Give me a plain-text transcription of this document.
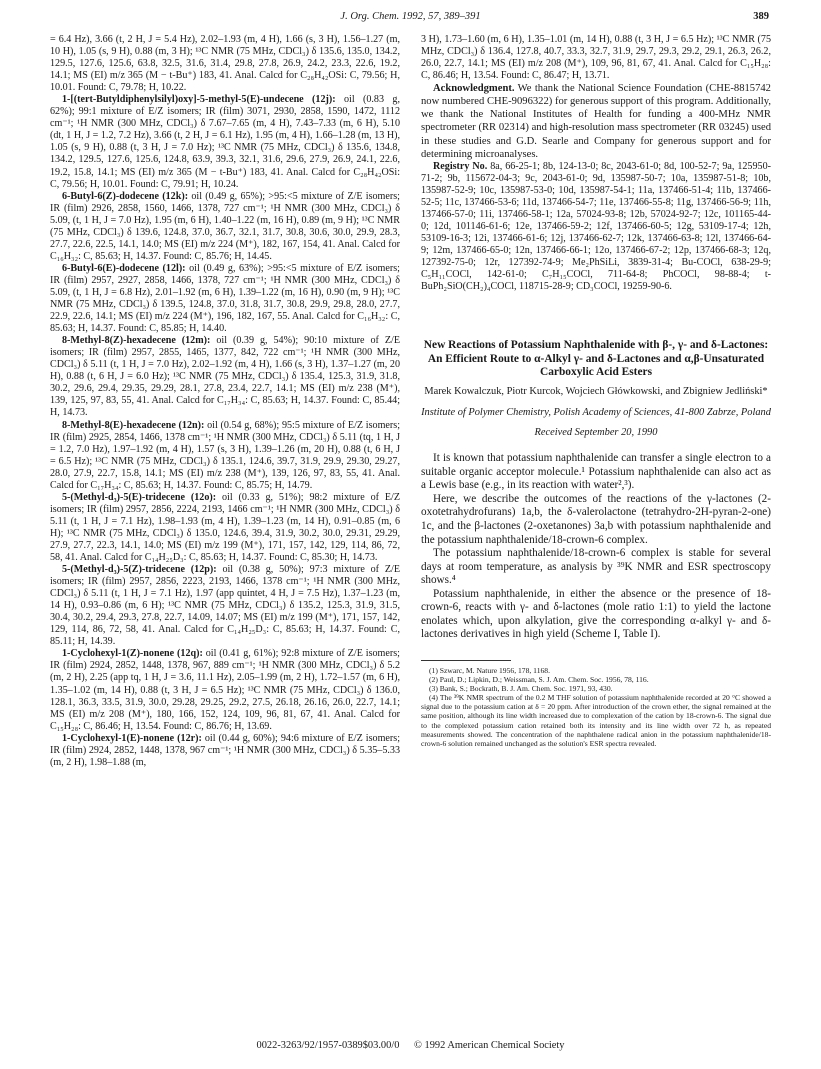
J. Org. Chem. 1992, 57, 389–391	389

= 6.4 Hz), 3.66 (t, 2 H, J = 5.4 Hz), 2.02–1.93 (m, 4 H), 1.66 (s, 3 H), 1.56–1.27 (m, 10 H), 1.05 (s, 9 H), 0.88 (m, 3 H); ¹³C NMR (75 MHz, CDCl₃) δ 135.6, 135.0, 134.2, 129.5, 127.6, 125.6, 63.8, 32.5, 31.6, 31.4, 29.8, 27.8, 26.9, 24.2, 23.3, 22.6, 19.2, 14.1; MS (EI) m/z 365 (M − t-Bu⁺) 183, 41. Anal. Calcd for C₂₈H₄₂OSi: C, 79.56; H, 10.01. Found: C, 79.78; H, 10.22.

1-[(tert-Butyldiphenylsilyl)oxy]-5-methyl-5(E)-undecene (12j): oil (0.83 g, 62%); 99:1 mixture of E/Z isomers; IR (film) 3071, 2930, 2858, 1590, 1472, 1112 cm⁻¹; ¹H NMR (300 MHz, CDCl₃) δ 7.67–7.65 (m, 4 H), 7.43–7.33 (m, 6 H), 5.10 (dt, 1 H, J = 1.2, 7.2 Hz), 3.66 (t, 2 H, J = 6.1 Hz), 1.95 (m, 4 H), 1.66–1.28 (m, 13 H), 1.05 (s, 9 H), 0.88 (t, 3 H, J = 7.0 Hz); ¹³C NMR (75 MHz, CDCl₃) δ 135.6, 134.8, 134.2, 129.5, 127.6, 125.6, 124.8, 63.9, 39.3, 32.1, 31.6, 29.6, 27.9, 26.9, 24.1, 22.6, 19.2, 15.8, 14.1; MS (EI) m/z 365 (M − t-Bu⁺) 183, 41. Anal. Calcd for C₂₈H₄₂OSi: C, 79.56; H, 10.01. Found: C, 79.91; H, 10.24.

6-Butyl-6(Z)-dodecene (12k): oil (0.49 g, 65%); >95:<5 mixture of Z/E isomers; IR (film) 2926, 2858, 1560, 1466, 1378, 727 cm⁻¹; ¹H NMR (300 MHz, CDCl₃) δ 5.09, (t, 1 H, J = 7.0 Hz), 1.95 (m, 6 H), 1.40–1.22 (m, 16 H), 0.89 (m, 9 H); ¹³C NMR (75 MHz, CDCl₃) δ 139.6, 124.8, 37.0, 36.7, 32.1, 31.7, 30.8, 30.6, 30.0, 29.9, 28.3, 27.7, 22.6, 22.5, 14.1, 14.0; MS (EI) m/z 224 (M⁺), 182, 167, 154, 41. Anal. Calcd for C₁₆H₃₂: C, 85.63; H, 14.37. Found: C, 85.76; H, 14.45.

6-Butyl-6(E)-dodecene (12l): oil (0.49 g, 63%); >95:<5 mixture of E/Z isomers; IR (film) 2957, 2927, 2858, 1466, 1378, 727 cm⁻¹; ¹H NMR (300 MHz, CDCl₃) δ 5.09, (t, 1 H, J = 6.8 Hz), 2.01–1.92 (m, 6 H), 1.39–1.22 (m, 16 H), 0.90 (m, 9 H); ¹³C NMR (75 MHz, CDCl₃) δ 139.5, 124.8, 37.0, 31.8, 31.7, 30.8, 29.9, 29.8, 28.0, 27.7, 22.9, 22.6, 14.1; MS (EI) m/z 224 (M⁺), 196, 182, 167, 55. Anal. Calcd for C₁₆H₃₂: C, 85.63; H, 14.37. Found: C, 85.85; H, 14.40.

8-Methyl-8(Z)-hexadecene (12m): oil (0.39 g, 54%); 90:10 mixture of Z/E isomers; IR (film) 2957, 2855, 1465, 1377, 842, 722 cm⁻¹; ¹H NMR (300 MHz, CDCl₃) δ 5.11 (t, 1 H, J = 7.0 Hz), 2.02–1.92 (m, 4 H), 1.66 (s, 3 H), 1.37–1.27 (m, 20 H), 0.88 (t, 6 H, J = 6.0 Hz); ¹³C NMR (75 MHz, CDCl₃) δ 135.4, 125.3, 31.9, 31.8, 30.2, 29.6, 29.4, 29.35, 29.29, 28.1, 27.8, 23.4, 22.7, 14.1; MS (EI) m/z 238 (M⁺), 139, 125, 97, 83, 55, 41. Anal. Calcd for C₁₇H₃₄: C, 85.63; H, 14.37. Found: C, 85.44; H, 14.73.

8-Methyl-8(E)-hexadecene (12n): oil (0.54 g, 68%); 95:5 mixture of E/Z isomers; IR (film) 2925, 2854, 1466, 1378 cm⁻¹; ¹H NMR (300 MHz, CDCl₃) δ 5.11 (tq, 1 H, J = 1.2, 7.0 Hz), 1.97–1.92 (m, 4 H), 1.57 (s, 3 H), 1.39–1.26 (m, 20 H), 0.88 (t, 6 H, J = 6.5 Hz); ¹³C NMR (75 MHz, CDCl₃) δ 135.1, 124.6, 39.7, 31.9, 29.9, 29.30, 29.27, 28.0, 27.9, 22.7, 15.8, 14.1; MS (EI) m/z 238 (M⁺), 139, 126, 97, 83, 55, 41. Anal. Calcd for C₁₇H₃₄: C, 85.63; H, 14.37. Found: C, 85.75; H, 14.79.

5-(Methyl-d₃)-5(E)-tridecene (12o): oil (0.33 g, 51%); 98:2 mixture of E/Z isomers; IR (film) 2957, 2856, 2224, 2193, 1466 cm⁻¹; ¹H NMR (300 MHz, CDCl₃) δ 5.11 (t, 1 H, J = 7.1 Hz), 1.98–1.93 (m, 4 H), 1.39–1.23 (m, 14 H), 0.91–0.85 (m, 6 H); ¹³C NMR (75 MHz, CDCl₃) δ 135.0, 124.6, 39.4, 31.9, 30.2, 30.0, 29.31, 29.29, 27.9, 27.7, 22.3, 14.1, 14.0; MS (EI) m/z 199 (M⁺), 171, 157, 142, 129, 114, 86, 72, 58, 41. Anal. Calcd for C₁₄H₂₅D₃: C, 85.63; H, 14.37. Found: C, 85.30; H, 14.73.

5-(Methyl-d₃)-5(Z)-tridecene (12p): oil (0.38 g, 50%); 97:3 mixture of Z/E isomers; IR (film) 2957, 2856, 2223, 2193, 1466, 1378 cm⁻¹; ¹H NMR (300 MHz, CDCl₃) δ 5.11 (t, 1 H, J = 7.1 Hz), 1.97 (app quintet, 4 H, J = 7.5 Hz), 1.37–1.23 (m, 14 H), 0.93–0.86 (m, 6 H); ¹³C NMR (75 MHz, CDCl₃) δ 135.2, 125.3, 31.9, 31.5, 30.4, 30.2, 29.4, 29.3, 27.8, 22.7, 14.09, 14.07; MS (EI) m/z 199 (M⁺), 171, 157, 142, 129, 114, 86, 72, 58, 41. Anal. Calcd for C₁₄H₂₅D₃: C, 85.63; H, 14.37. Found: C, 85.11; H, 14.39.

1-Cyclohexyl-1(Z)-nonene (12q): oil (0.41 g, 61%); 92:8 mixture of Z/E isomers; IR (film) 2924, 2852, 1448, 1378, 967, 889 cm⁻¹; ¹H NMR (300 MHz, CDCl₃) δ 5.2 (m, 2 H), 2.25 (app tq, 1 H, J = 3.6, 11.1 Hz), 2.05–1.99 (m, 2 H), 1.72–1.57 (m, 6 H), 1.35–1.02 (m, 14 H), 0.88 (t, 3 H, J = 6.5 Hz); ¹³C NMR (75 MHz, CDCl₃) δ 136.0, 128.1, 36.3, 33.5, 31.9, 30.0, 29.28, 29.25, 29.2, 27.5, 26.18, 26.16, 26.0, 22.7, 14.1; MS (EI) m/z 208 (M⁺), 180, 166, 152, 124, 109, 96, 81, 67, 41. Anal. Calcd for C₁₅H₂₈: C, 86.46; H, 13.54. Found: C, 86.76; H, 13.69.

1-Cyclohexyl-1(E)-nonene (12r): oil (0.44 g, 60%); 94:6 mixture of E/Z isomers; IR (film) 2924, 2852, 1448, 1378, 967 cm⁻¹; ¹H NMR (300 MHz, CDCl₃) δ 5.35–5.33 (m, 2 H), 1.98–1.88 (m,

3 H), 1.73–1.60 (m, 6 H), 1.35–1.01 (m, 14 H), 0.88 (t, 3 H, J = 6.5 Hz); ¹³C NMR (75 MHz, CDCl₃) δ 136.4, 127.8, 40.7, 33.3, 32.7, 31.9, 29.7, 29.3, 29.2, 29.1, 26.3, 26.2, 26.0, 22.7, 14.1; MS (EI) m/z 208 (M⁺), 109, 96, 81, 67, 41. Anal. Calcd for C₁₅H₂₈: C, 86.46; H, 13.54. Found: C, 86.47; H, 13.71.

Acknowledgment. We thank the National Science Foundation (CHE-8815742 now numbered CHE-9096322) for generous support of this program. Additionally, we thank the National Institutes of Health for funding a 400-MHz NMR spectrometer (RR 02314) and high-resolution mass spectrometer (RR 03245) used in these studies and G.D. Searle and Company for generous support and for determining microanalyses.

Registry No. 8a, 66-25-1; 8b, 124-13-0; 8c, 2043-61-0; 8d, 100-52-7; 9a, 125950-71-2; 9b, 115672-04-3; 9c, 2043-61-0; 9d, 135987-50-7; 10a, 135987-51-8; 10b, 135987-52-9; 10c, 135987-53-0; 10d, 135987-54-1; 11a, 137466-51-4; 11b, 137466-52-5; 11c, 137466-53-6; 11d, 137466-54-7; 11e, 137466-55-8; 11g, 137466-56-9; 11h, 137466-57-0; 11i, 137466-58-1; 12a, 57024-93-8; 12b, 57024-92-7; 12c, 101165-44-0; 12d, 101146-61-6; 12e, 137466-59-2; 12f, 137466-60-5; 12g, 53109-17-4; 12h, 53109-16-3; 12i, 137466-61-6; 12j, 137466-62-7; 12k, 137466-63-8; 12l, 137466-64-9; 12m, 137466-65-0; 12n, 137466-66-1; 12o, 137466-67-2; 12p, 137466-68-3; 12q, 127392-75-0; 12r, 127392-74-9; Me₂PhSiLi, 3839-31-4; Bu-COCl, 638-29-9; C₅H₁₁COCl, 142-61-0; C₇H₁₅COCl, 711-64-8; PhCOCl, 98-88-4; t-BuPh₂SiO(CH₂)₄COCl, 118715-28-9; CD₃COCl, 19259-90-6.

New Reactions of Potassium Naphthalenide with β-, γ- and δ-Lactones: An Efficient Route to α-Alkyl γ- and δ-Lactones and α,β-Unsaturated Carboxylic Acid Esters
Marek Kowalczuk, Piotr Kurcok, Wojciech Główkowski, and Zbigniew Jedliński*
Institute of Polymer Chemistry, Polish Academy of Sciences, 41-800 Zabrze, Poland
Received September 20, 1990

It is known that potassium naphthalenide can transfer a single electron to a suitable organic acceptor molecule.¹ Potassium naphthalenide can also act as a Lewis base (e.g., in its reaction with water²,³).

Here, we describe the outcomes of the reactions of the γ-lactones (2-oxotetrahydrofurans) 1a,b, the δ-valerolactone (tetrahydro-2H-pyran-2-one) 1c, and the β-lactones (2-oxetanones) 3a,b with potassium naphthalenide and the potassium naphthalenide/18-crown-6 complex.

The potassium naphthalenide/18-crown-6 complex is stable for several days at room temperature, as analysis by ³⁹K NMR and ESR spectroscopy shows.⁴

Potassium naphthalenide, in either the absence or the presence of 18-crown-6, reacts with γ- and δ-lactones (mole ratio 1:1) to yield the lactone enolates which, upon alkylation, give the corresponding α-alkyl γ- and δ-lactones derivatives in high yield (Scheme I, Table I).

(1) Szwarc, M. Nature 1956, 178, 1168.

(2) Paul, D.; Lipkin, D.; Weissman, S. J. Am. Chem. Soc. 1956, 78, 116.

(3) Bank, S.; Bockrath, B. J. Am. Chem. Soc. 1971, 93, 430.

(4) The ³⁹K NMR spectrum of the 0.2 M THF solution of potassium naphthalenide recorded at 20 °C showed a signal due to the potassium cation at δ = 20 ppm. After introduction of the crown ether, the signal remained at the same position, although its line width increased due to complexation of the cation by 18-crown-6. The signal due to the complexed potassium cation retained both its intensity and its line width over 72 h, as repeated measurements showed. The concentration of the naphthalene radical anion in the potassium naphthalenide/18-crown-6 solution remained unchanged as the solution's ESR spectra revealed.

0022-3263/92/1957-0389$03.00/0 © 1992 American Chemical Society
